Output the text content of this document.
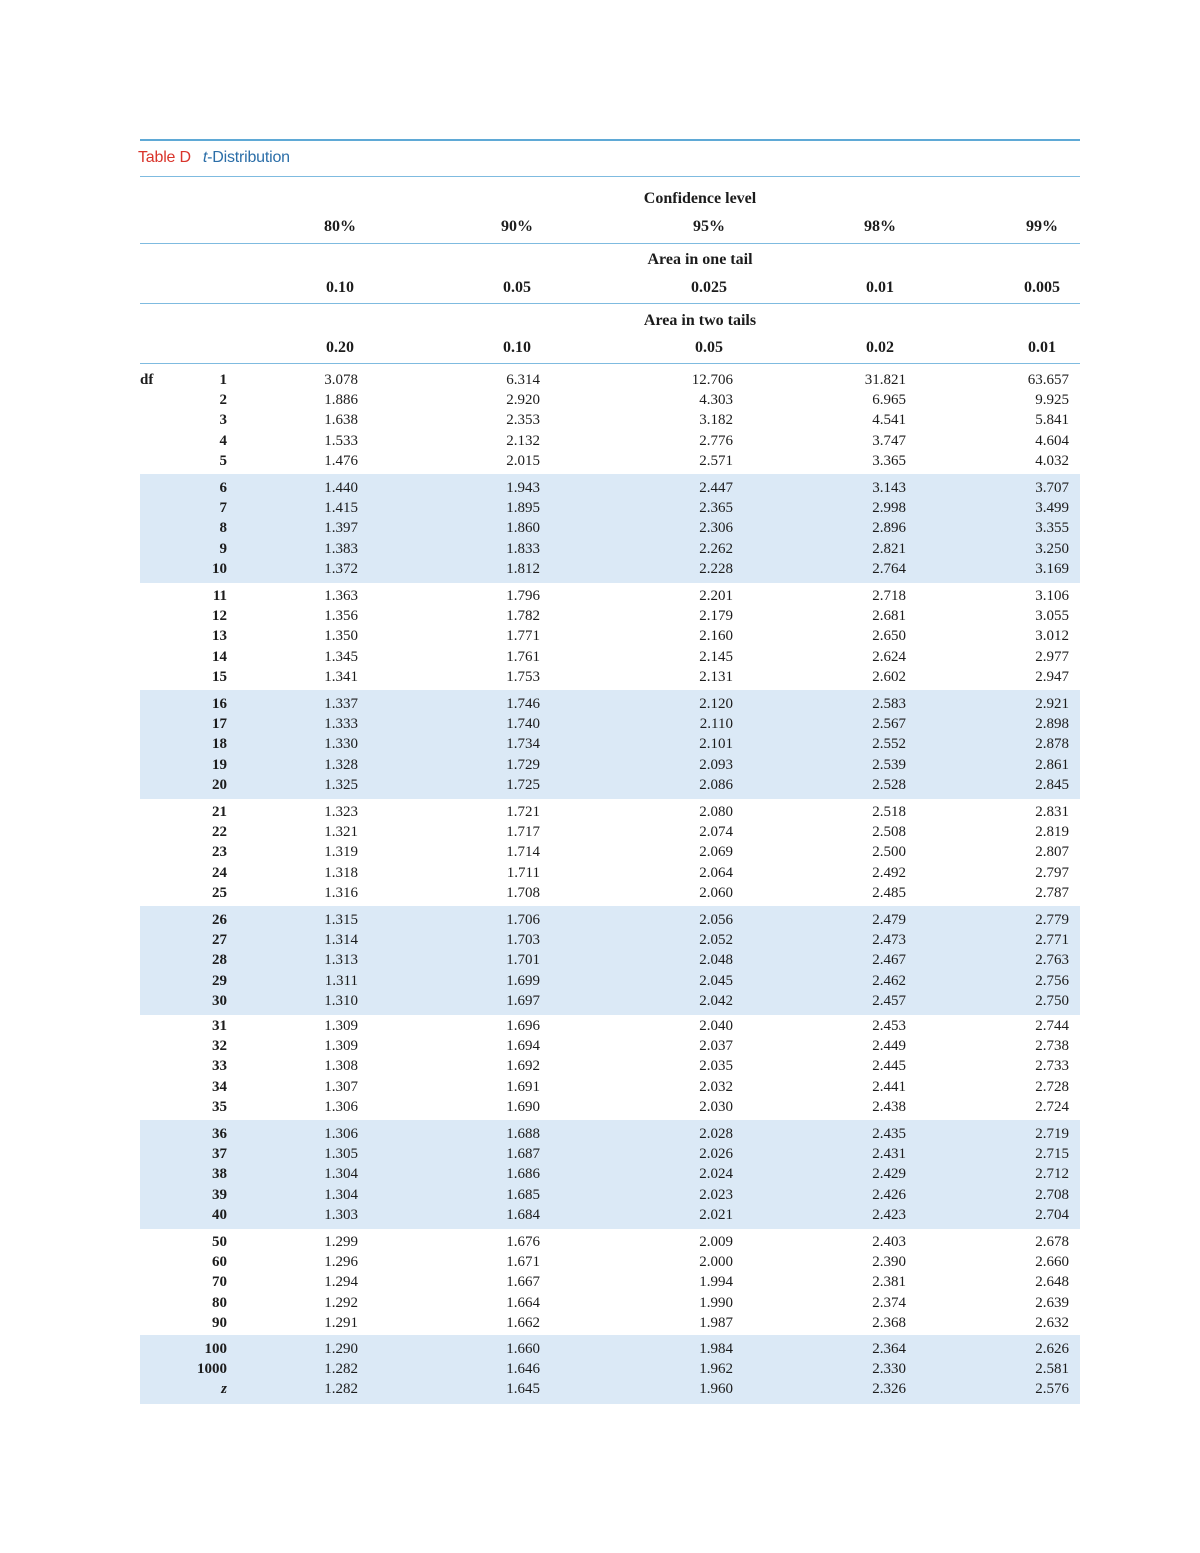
Table D t-Distribution
Confidence level
Area in one tail
Area in two tails
df
80%	90%	95%	98%	99%
0.10	0.05	0.025	0.01	0.005
0.20	0.10	0.05	0.02	0.01
1	3.078	6.314	12.706	31.821	63.657
2	1.886	2.920	4.303	6.965	9.925
3	1.638	2.353	3.182	4.541	5.841
4	1.533	2.132	2.776	3.747	4.604
5	1.476	2.015	2.571	3.365	4.032
6	1.440	1.943	2.447	3.143	3.707
7	1.415	1.895	2.365	2.998	3.499
8	1.397	1.860	2.306	2.896	3.355
9	1.383	1.833	2.262	2.821	3.250
10	1.372	1.812	2.228	2.764	3.169
11	1.363	1.796	2.201	2.718	3.106
12	1.356	1.782	2.179	2.681	3.055
13	1.350	1.771	2.160	2.650	3.012
14	1.345	1.761	2.145	2.624	2.977
15	1.341	1.753	2.131	2.602	2.947
16	1.337	1.746	2.120	2.583	2.921
17	1.333	1.740	2.110	2.567	2.898
18	1.330	1.734	2.101	2.552	2.878
19	1.328	1.729	2.093	2.539	2.861
20	1.325	1.725	2.086	2.528	2.845
21	1.323	1.721	2.080	2.518	2.831
22	1.321	1.717	2.074	2.508	2.819
23	1.319	1.714	2.069	2.500	2.807
24	1.318	1.711	2.064	2.492	2.797
25	1.316	1.708	2.060	2.485	2.787
26	1.315	1.706	2.056	2.479	2.779
27	1.314	1.703	2.052	2.473	2.771
28	1.313	1.701	2.048	2.467	2.763
29	1.311	1.699	2.045	2.462	2.756
30	1.310	1.697	2.042	2.457	2.750
31	1.309	1.696	2.040	2.453	2.744
32	1.309	1.694	2.037	2.449	2.738
33	1.308	1.692	2.035	2.445	2.733
34	1.307	1.691	2.032	2.441	2.728
35	1.306	1.690	2.030	2.438	2.724
36	1.306	1.688	2.028	2.435	2.719
37	1.305	1.687	2.026	2.431	2.715
38	1.304	1.686	2.024	2.429	2.712
39	1.304	1.685	2.023	2.426	2.708
40	1.303	1.684	2.021	2.423	2.704
50	1.299	1.676	2.009	2.403	2.678
60	1.296	1.671	2.000	2.390	2.660
70	1.294	1.667	1.994	2.381	2.648
80	1.292	1.664	1.990	2.374	2.639
90	1.291	1.662	1.987	2.368	2.632
100	1.290	1.660	1.984	2.364	2.626
1000	1.282	1.646	1.962	2.330	2.581
z	1.282	1.645	1.960	2.326	2.576
